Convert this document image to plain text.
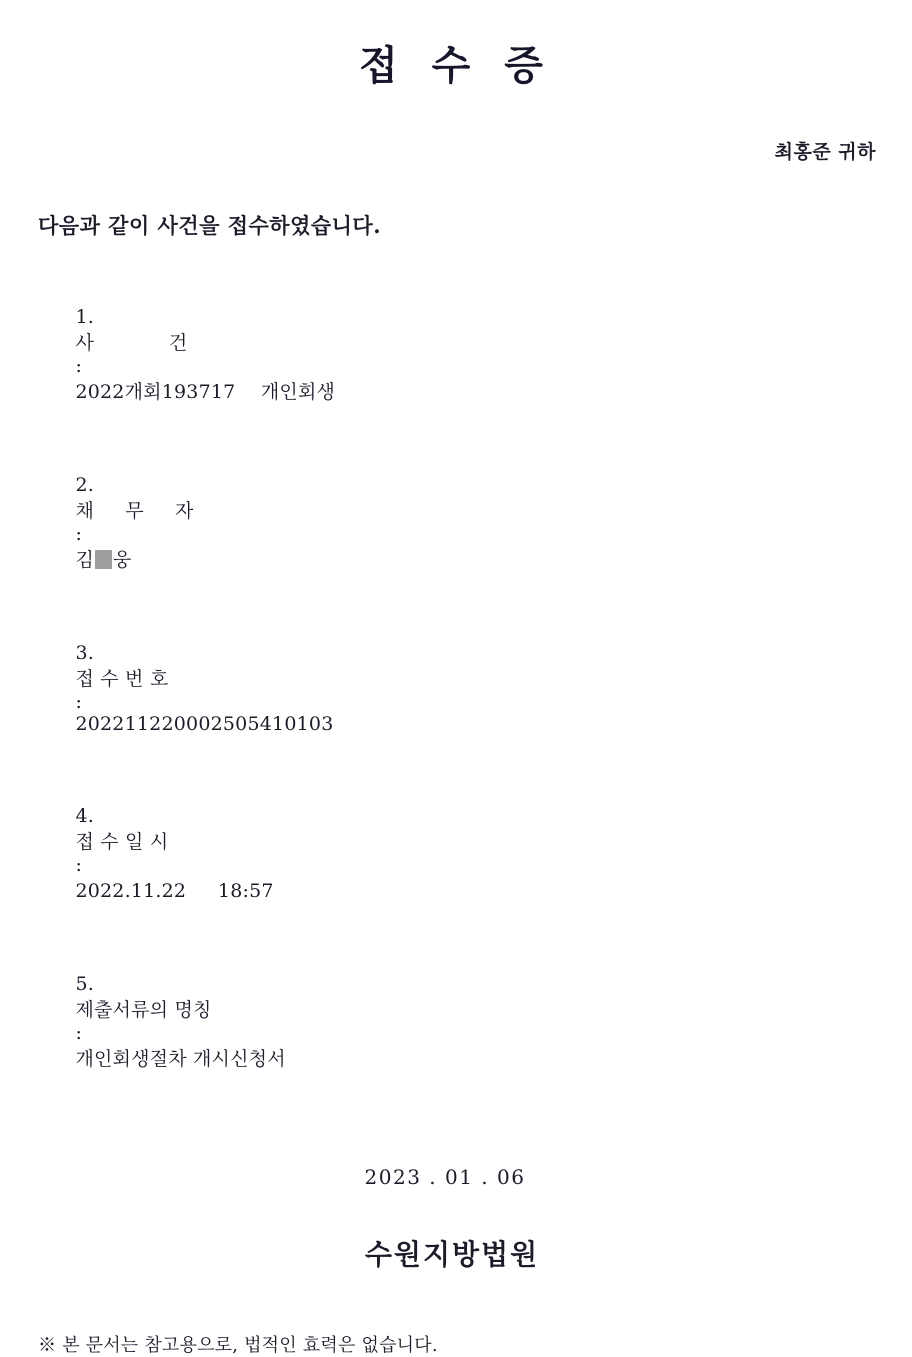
접 수 증
최홍준 귀하
다음과 같이 사건을 접수하였습니다.

1.
사            건
:
2022개회193717　 개인회생

2.
채     무     자
:
김 웅

3.
접 수 번 호
:
202211220002505410103

4.
접 수 일 시
:
2022.11.22 　 18:57

5.
제출서류의 명칭
:
개인회생절차 개시신청서

2023 . 01 . 06
수원지방법원
※ 본 문서는 참고용으로, 법적인 효력은 없습니다.
